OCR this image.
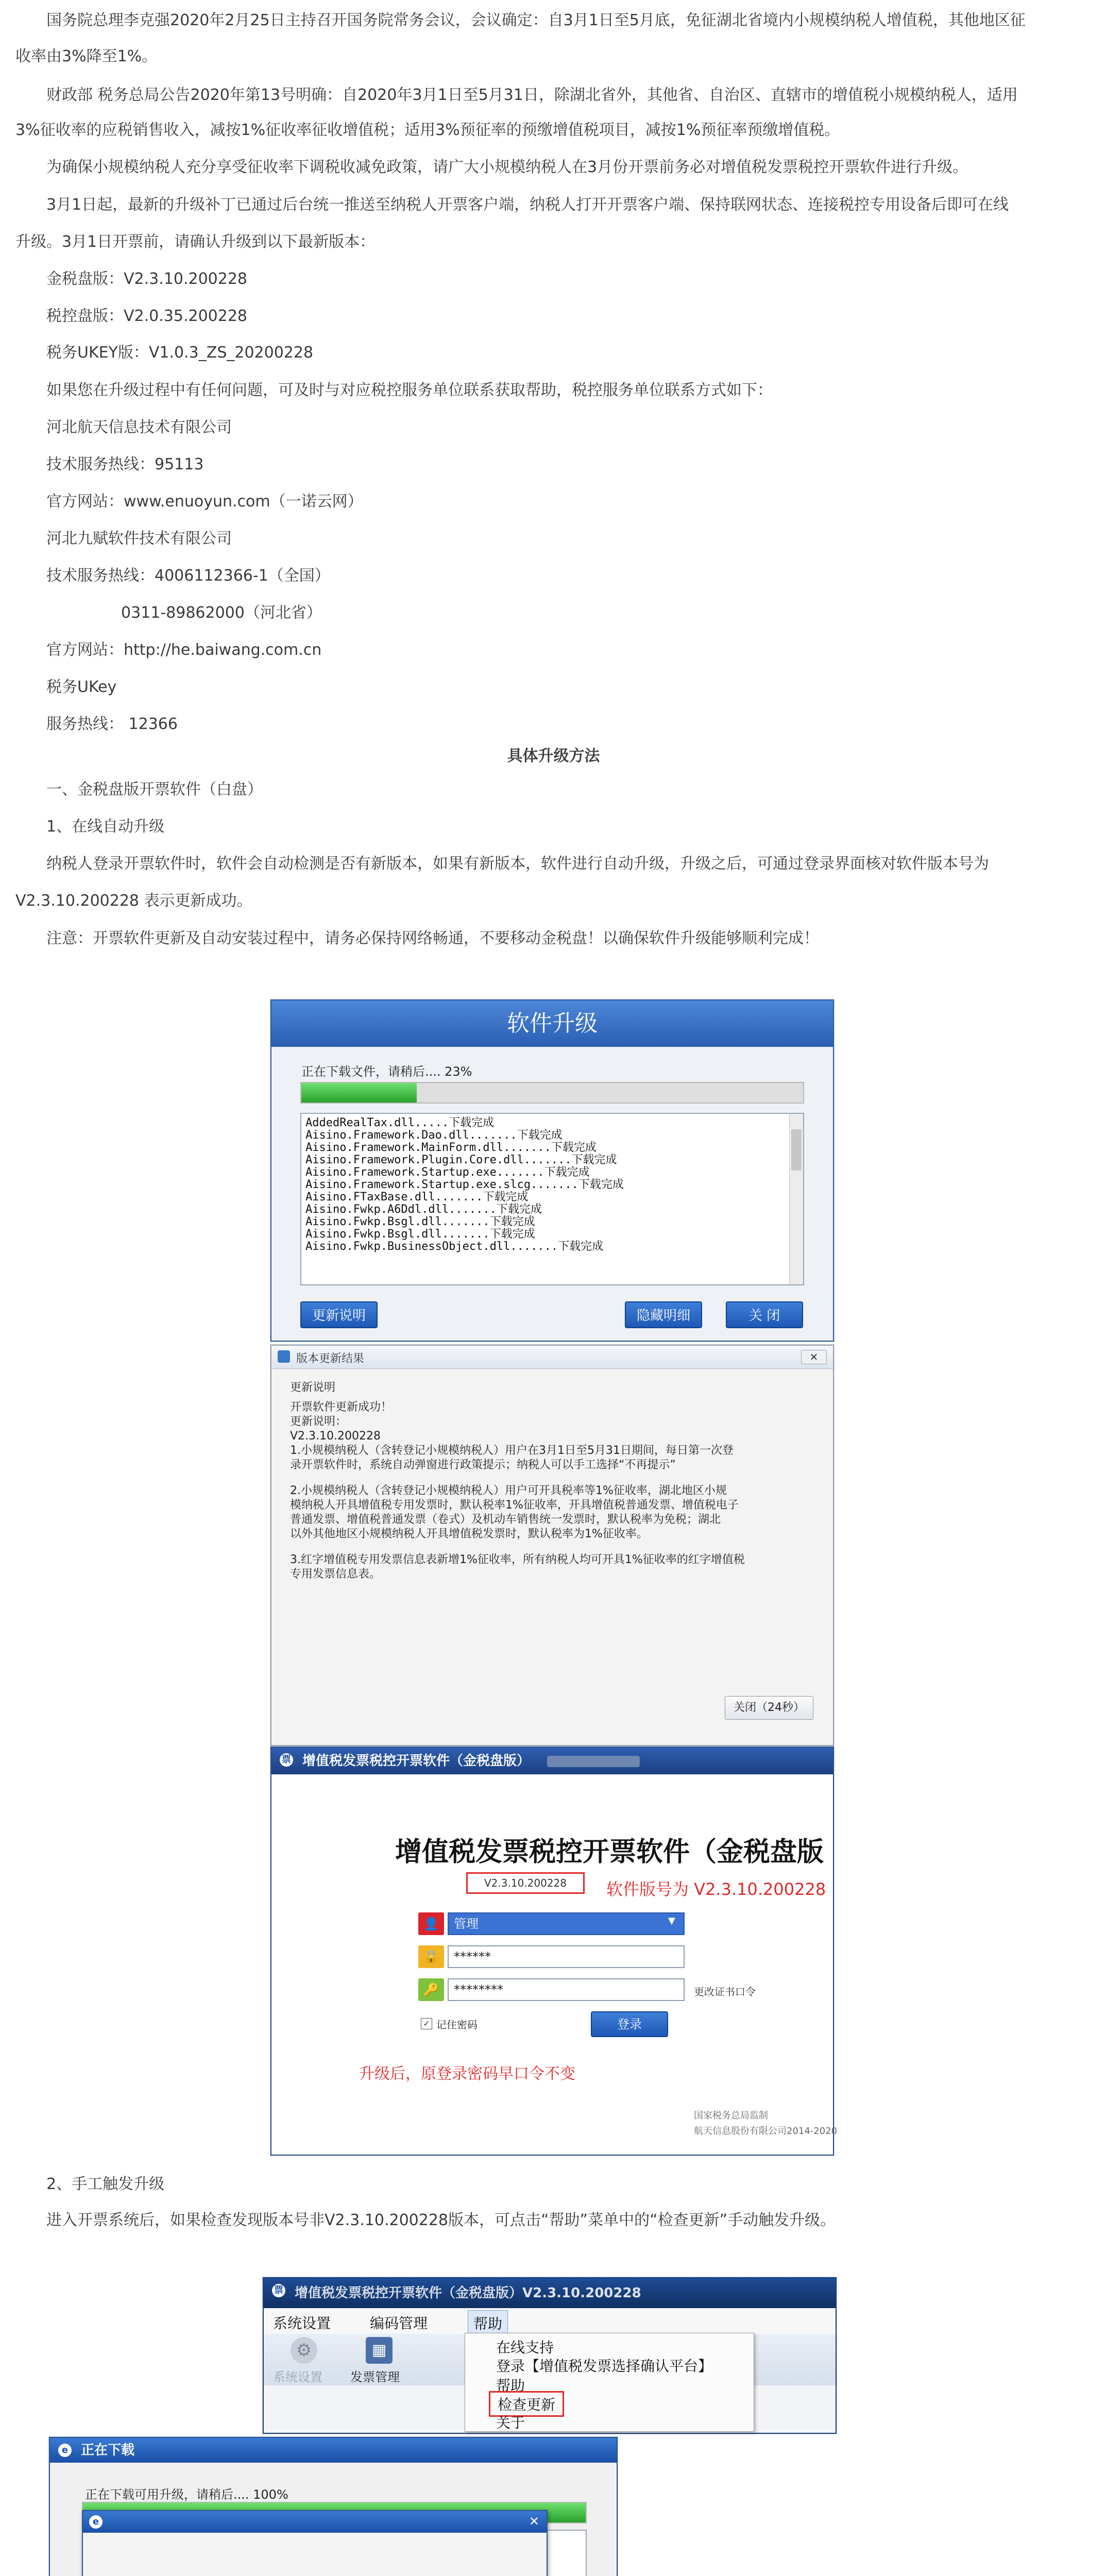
国务院总理李克强2020年2月25日主持召开国务院常务会议，会议确定：自3月1日至5月底，免征湖北省境内小规模纳税人增值税，其他地区征
收率由3%降至1%。
财政部 税务总局公告2020年第13号明确：自2020年3月1日至5月31日，除湖北省外，其他省、自治区、直辖市的增值税小规模纳税人，适用
3%征收率的应税销售收入，减按1%征收率征收增值税；适用3%预征率的预缴增值税项目，减按1%预征率预缴增值税。
为确保小规模纳税人充分享受征收率下调税收减免政策，请广大小规模纳税人在3月份开票前务必对增值税发票税控开票软件进行升级。
3月1日起，最新的升级补丁已通过后台统一推送至纳税人开票客户端，纳税人打开开票客户端、保持联网状态、连接税控专用设备后即可在线
升级。3月1日开票前，请确认升级到以下最新版本：
金税盘版：V2.3.10.200228
税控盘版：V2.0.35.200228
税务UKEY版：V1.0.3_ZS_20200228
如果您在升级过程中有任何问题，可及时与对应税控服务单位联系获取帮助，税控服务单位联系方式如下：
河北航天信息技术有限公司
技术服务热线：95113
官方网站：www.enuoyun.com（一诺云网）
河北九赋软件技术有限公司
技术服务热线：4006112366-1（全国）
0311-89862000（河北省）
官方网站：http://he.baiwang.com.cn
税务UKey
服务热线： 12366
具体升级方法
一、金税盘版开票软件（白盘）
1、在线自动升级
纳税人登录开票软件时，软件会自动检测是否有新版本，如果有新版本，软件进行自动升级，升级之后，可通过登录界面核对软件版本号为
V2.3.10.200228 表示更新成功。
注意：开票软件更新及自动安装过程中，请务必保持网络畅通，不要移动金税盘！以确保软件升级能够顺利完成！
软件升级
正在下载文件，请稍后.... 23%
AddedRealTax.dll.....下载完成
Aisino.Framework.Dao.dll.......下载完成
Aisino.Framework.MainForm.dll.......下载完成
Aisino.Framework.Plugin.Core.dll.......下载完成
Aisino.Framework.Startup.exe.......下载完成
Aisino.Framework.Startup.exe.slcg.......下载完成
Aisino.FTaxBase.dll.......下载完成
Aisino.Fwkp.A6Ddl.dll.......下载完成
Aisino.Fwkp.Bsgl.dll.......下载完成
Aisino.Fwkp.Bsgl.dll.......下载完成
Aisino.Fwkp.BusinessObject.dll.......下载完成
更新说明	隐藏明细	关 闭
版本更新结果	✕
更新说明
开票软件更新成功！
更新说明：
V2.3.10.200228
1.小规模纳税人（含转登记小规模纳税人）用户在3月1日至5月31日期间，每日第一次登
录开票软件时，系统自动弹窗进行政策提示；纳税人可以手工选择“不再提示”
2.小规模纳税人（含转登记小规模纳税人）用户可开具税率等1%征收率，湖北地区小规
模纳税人开具增值税专用发票时，默认税率1%征收率，开具增值税普通发票、增值税电子
普通发票、增值税普通发票（卷式）及机动车销售统一发票时，默认税率为免税；湖北
以外其他地区小规模纳税人开具增值税发票时，默认税率为1%征收率。
3.红字增值税专用发票信息表新增1%征收率，所有纳税人均可开具1%征收率的红字增值税
专用发票信息表。
关闭（24秒）
票 增值税发票税控开票软件（金税盘版）
增值税发票税控开票软件（金税盘版
V2.3.10.200228	软件版号为 V2.3.10.200228
👤	管理	▼
🔒	******
🔑	********	更改证书口令
✓ 记住密码	登录
升级后，原登录密码早口令不变
国家税务总局监制
航天信息股份有限公司2014-2020
2、手工触发升级
进入开票系统后，如果检查发现版本号非V2.3.10.200228版本，可点击“帮助”菜单中的“检查更新”手动触发升级。
票 增值税发票税控开票软件（金税盘版）V2.3.10.200228
系统设置	编码管理	帮助
⚙
系统设置
▦
发票管理
在线支持
登录【增值税发票选择确认平台】
帮助
检查更新
关于
e 正在下载
正在下载可用升级，请稍后.... 100%
e	✕
